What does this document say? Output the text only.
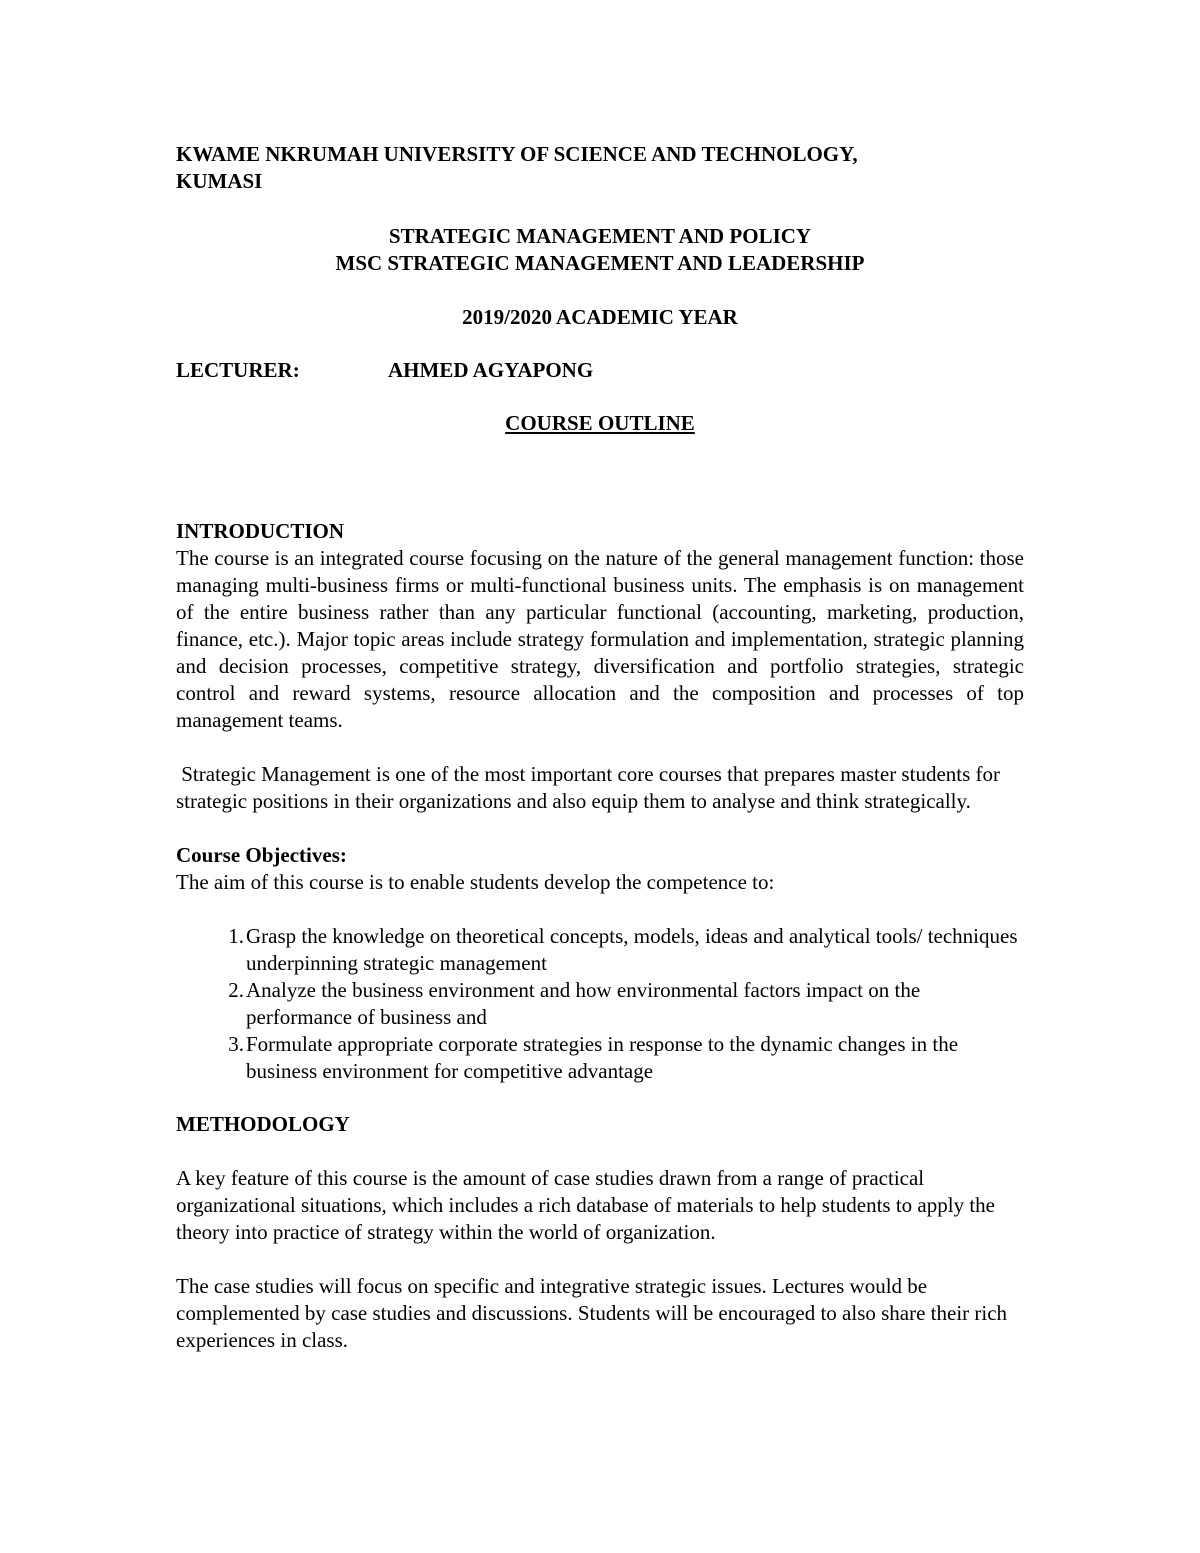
KWAME NKRUMAH UNIVERSITY OF SCIENCE AND TECHNOLOGY,
KUMASI
STRATEGIC MANAGEMENT AND POLICY
MSC STRATEGIC MANAGEMENT AND LEADERSHIP
2019/2020 ACADEMIC YEAR
LECTURER:	AHMED AGYAPONG
COURSE OUTLINE
INTRODUCTION

The course is an integrated course focusing on the nature of the general management function: those managing multi-business firms or multi-functional business units. The emphasis is on management of the entire business rather than any particular functional (accounting, marketing, production, finance, etc.). Major topic areas include strategy formulation and implementation, strategic planning and decision processes, competitive strategy, diversification and portfolio strategies, strategic control and reward systems, resource allocation and the composition and processes of top management teams.

Strategic Management is one of the most important core courses that prepares master students for strategic positions in their organizations and also equip them to analyse and think strategically.

Course Objectives:

The aim of this course is to enable students develop the competence to:

1. Grasp the knowledge on theoretical concepts, models, ideas and analytical tools/ techniques underpinning strategic management
2. Analyze the business environment and how environmental factors impact on the performance of business and
3. Formulate appropriate corporate strategies in response to the dynamic changes in the business environment for competitive advantage
METHODOLOGY

A key feature of this course is the amount of case studies drawn from a range of practical organizational situations, which includes a rich database of materials to help students to apply the theory into practice of strategy within the world of organization.

The case studies will focus on specific and integrative strategic issues. Lectures would be complemented by case studies and discussions. Students will be encouraged to also share their rich experiences in class.
